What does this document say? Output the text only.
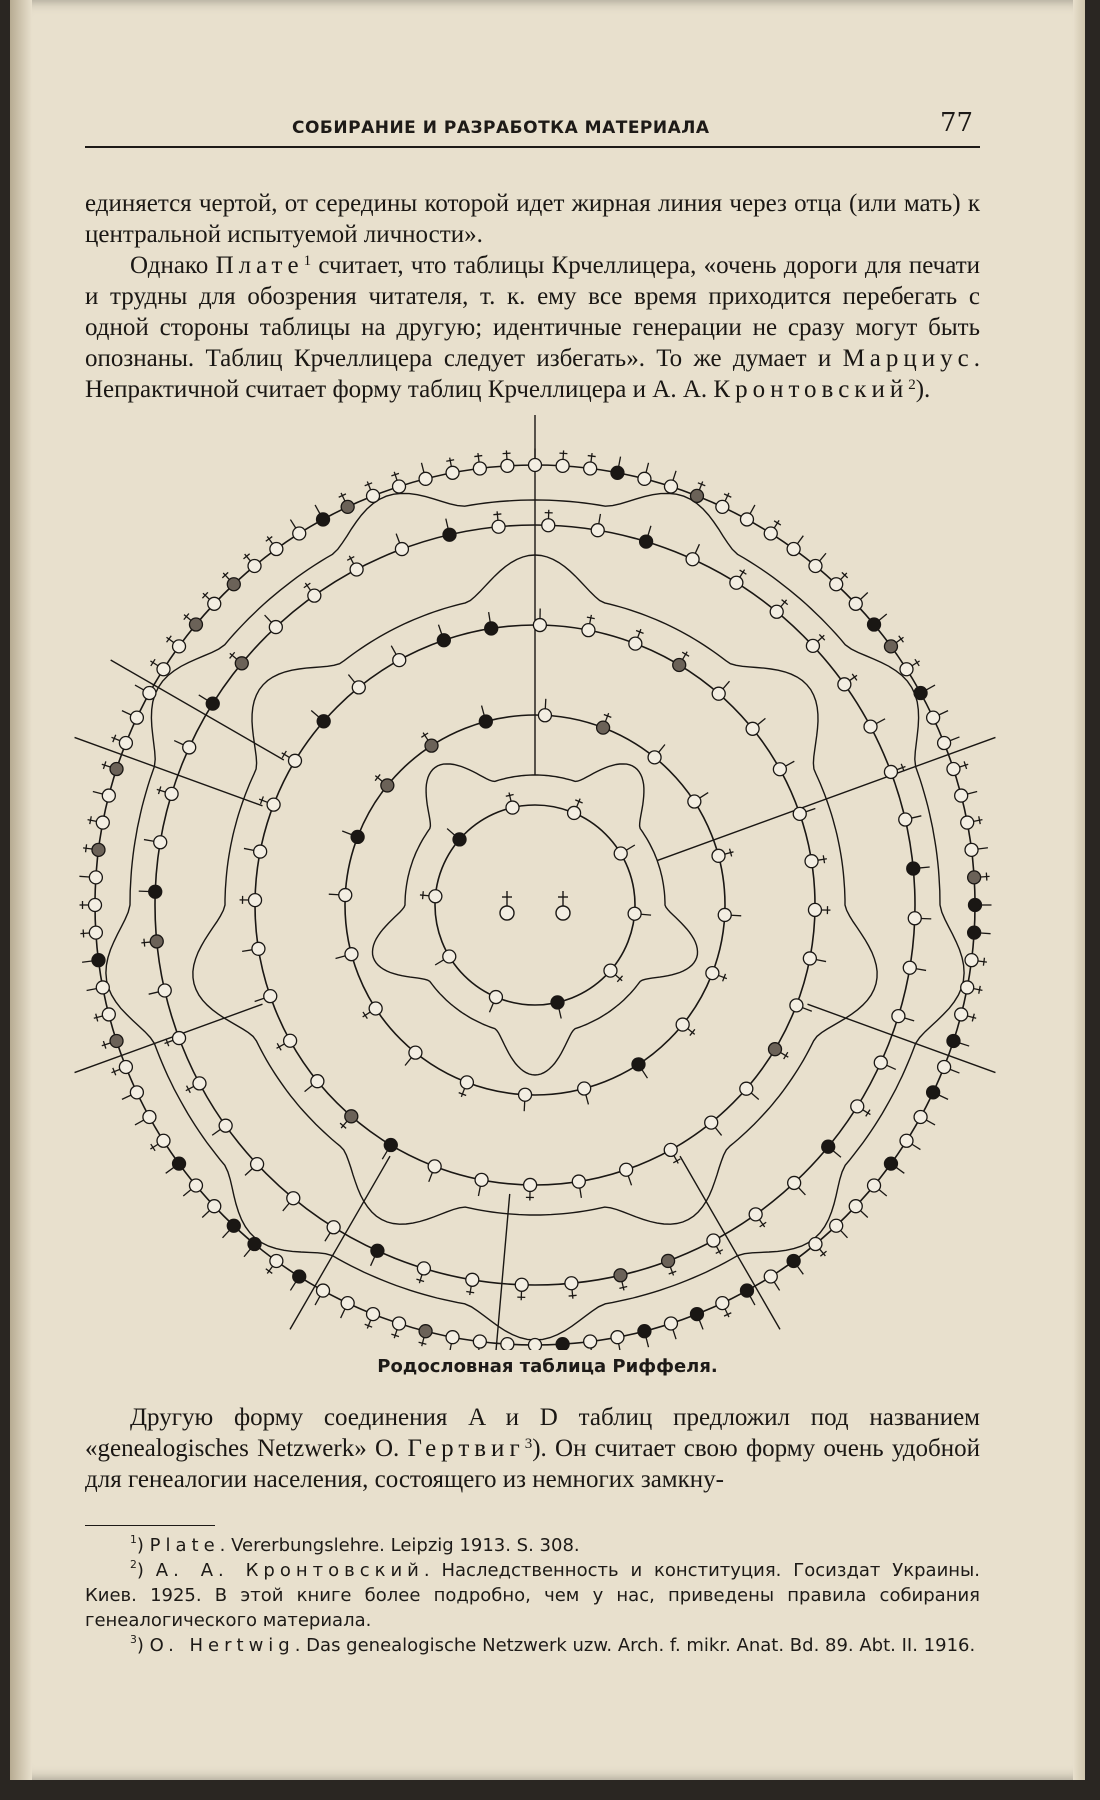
СОБИРАНИЕ И РАЗРАБОТКА МАТЕРИАЛА	77

единяется чертой, от середины которой идет жирная линия через отца (или мать) к центральной испытуемой личности».

Однако Плате$^1$ считает, что таблицы Крчеллицера, «очень дороги для печати и трудны для обозрения читателя, т. к. ему все время приходится перебегать с одной стороны таблицы на другую; идентичные генерации не сразу могут быть опознаны. Таблиц Крчеллицера следует избегать». То же думает и Марциус. Непрактичной считает форму таблиц Крчеллицера и А. А. Кронтовский$^2$).

Родословная таблица Риффеля.

Другую форму соединения A и D таблиц предложил под названием «genealogisches Netzwerk» О. Гертвиг$^3$). Он считает свою форму очень удобной для генеалогии населения, состоящего из немногих замкну-

$^1$) Plate. Vererbungslehre. Leipzig 1913. S. 308.

$^2$) А. А. Кронтовский. Наследственность и конституция. Госиздат Украины. Киев. 1925. В этой книге более подробно, чем у нас, приведены правила собирания генеалогического материала.

$^3$) O. Hertwig. Das genealogische Netzwerk uzw. Arch. f. mikr. Anat. Bd. 89. Abt. II. 1916.
